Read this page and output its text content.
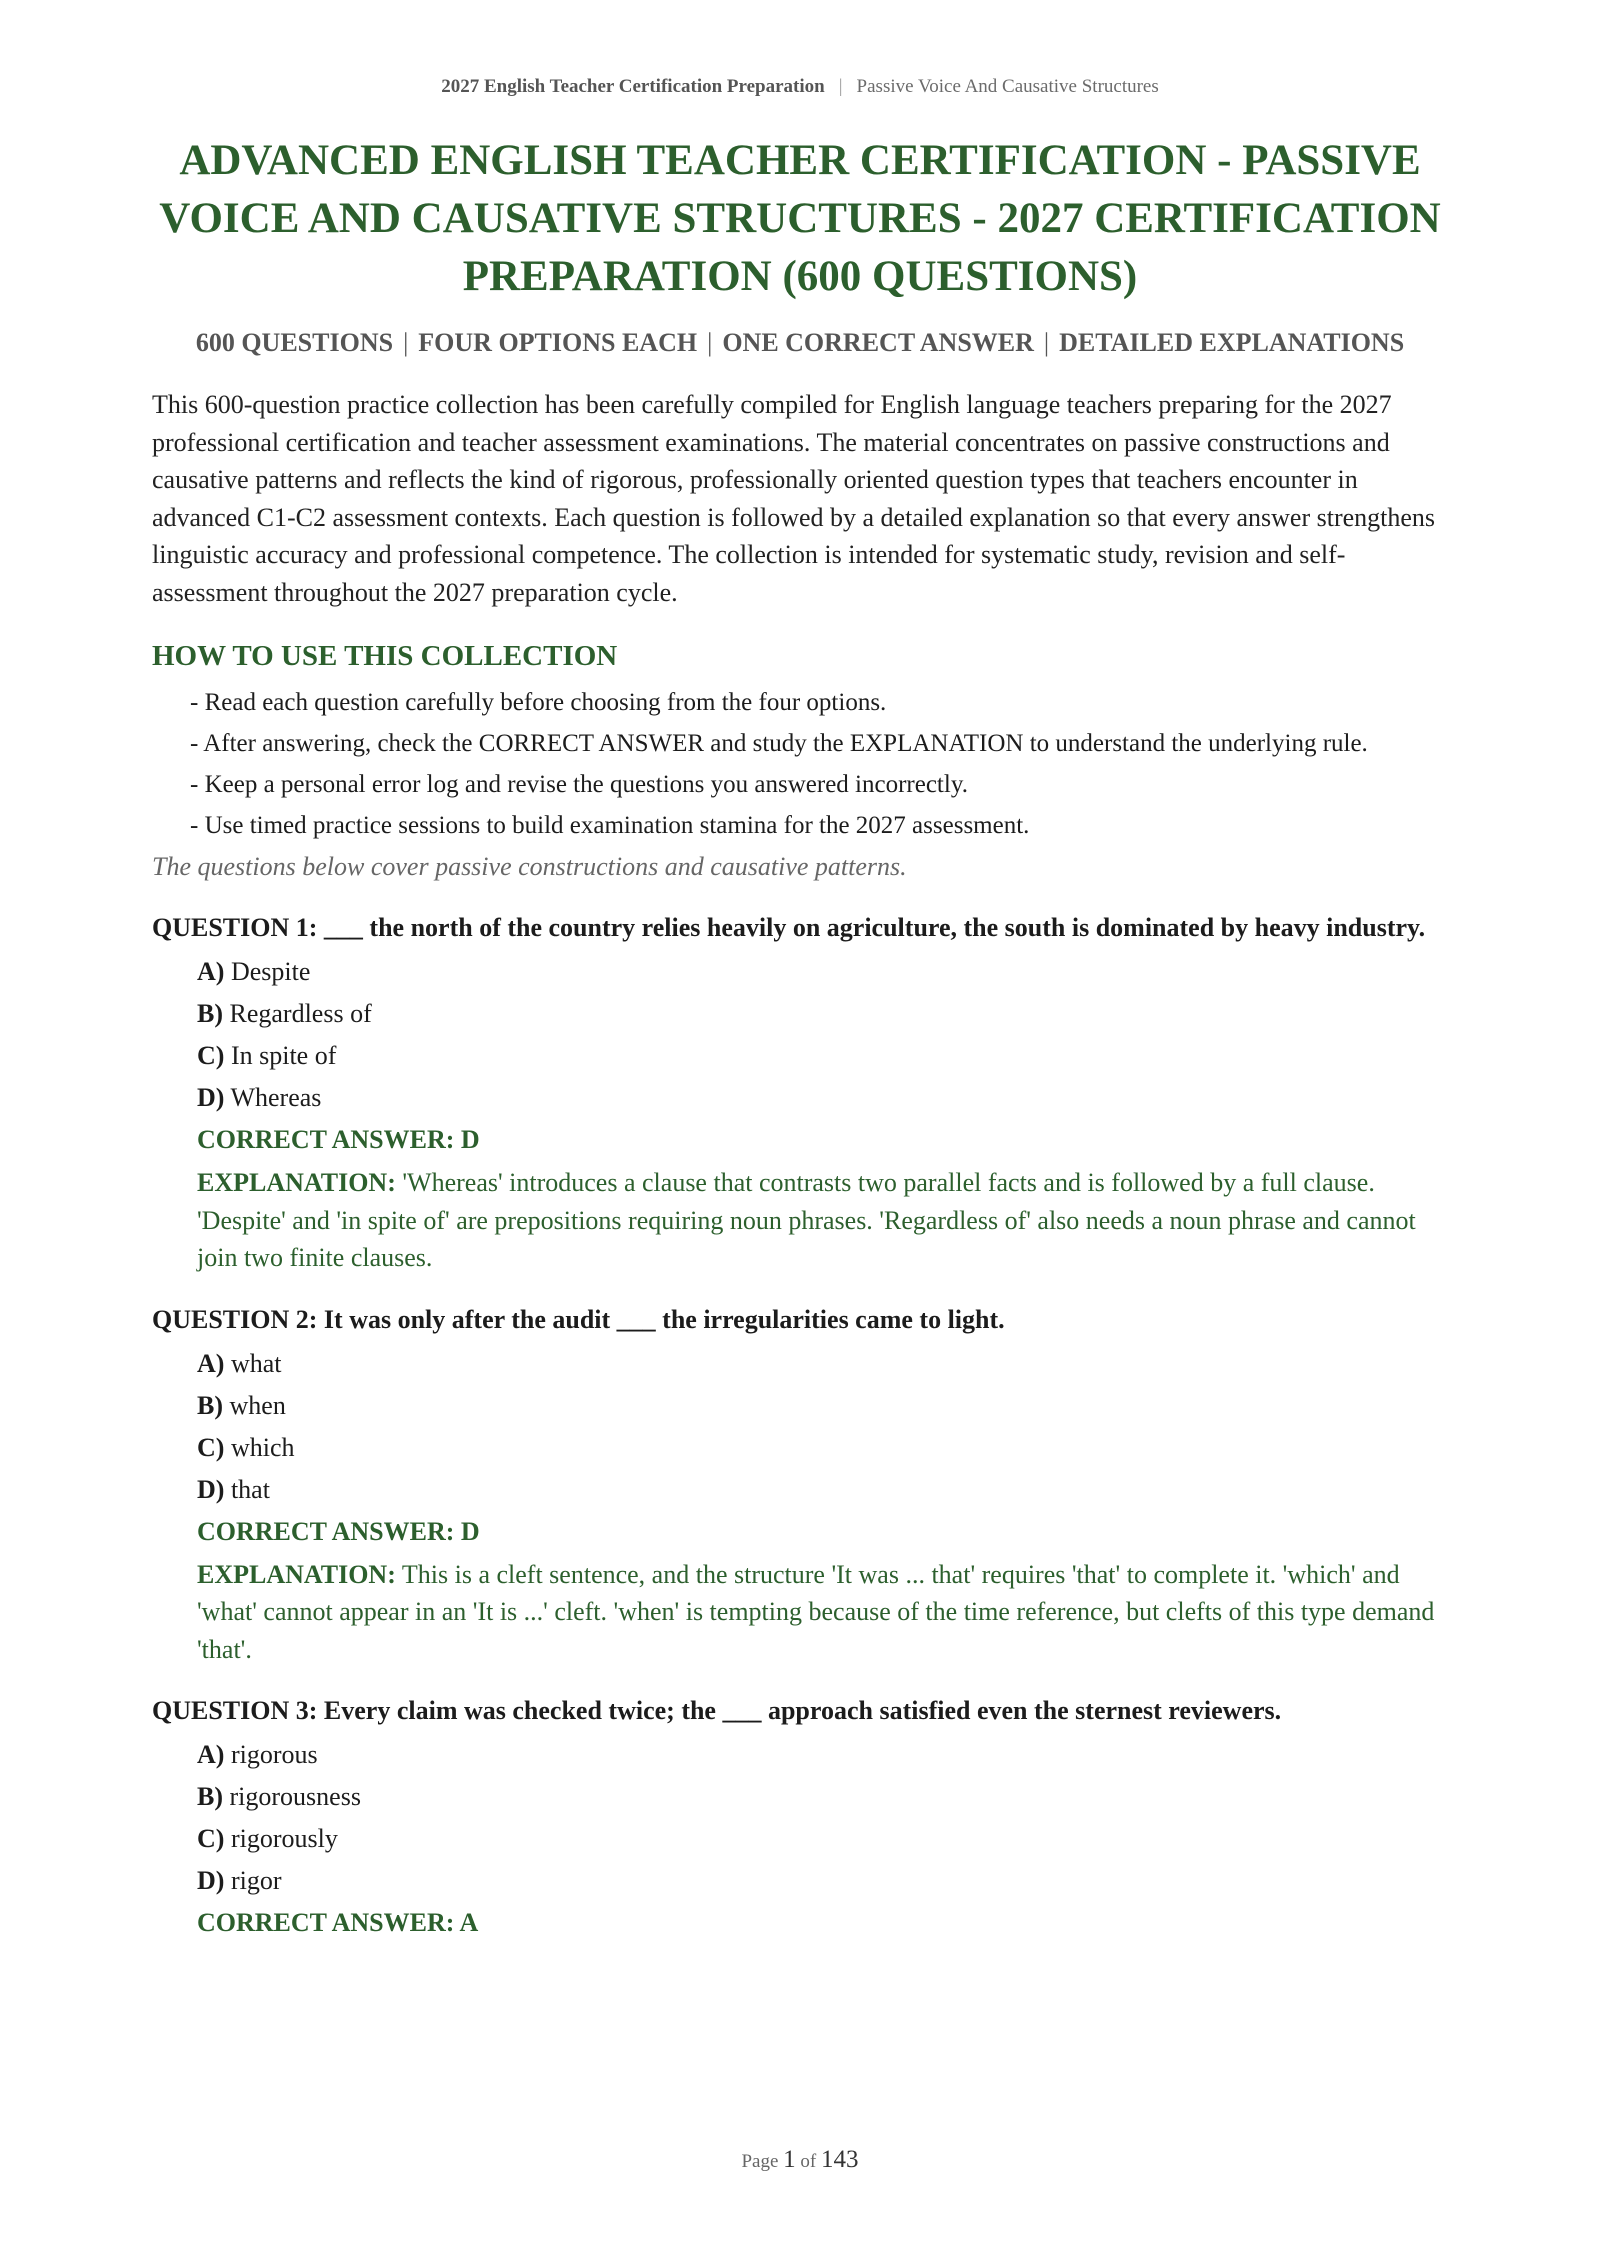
2027 English Teacher Certification Preparation | Passive Voice And Causative Structures
ADVANCED ENGLISH TEACHER CERTIFICATION - PASSIVE VOICE AND CAUSATIVE STRUCTURES - 2027 CERTIFICATION PREPARATION (600 QUESTIONS)
600 QUESTIONS | FOUR OPTIONS EACH | ONE CORRECT ANSWER | DETAILED EXPLANATIONS

This 600-question practice collection has been carefully compiled for English language teachers preparing for the 2027 professional certification and teacher assessment examinations. The material concentrates on passive constructions and causative patterns and reflects the kind of rigorous, professionally oriented question types that teachers encounter in advanced C1-C2 assessment contexts. Each question is followed by a detailed explanation so that every answer strengthens linguistic accuracy and professional competence. The collection is intended for systematic study, revision and self-assessment throughout the 2027 preparation cycle.

HOW TO USE THIS COLLECTION
- Read each question carefully before choosing from the four options.
- After answering, check the CORRECT ANSWER and study the EXPLANATION to understand the underlying rule.
- Keep a personal error log and revise the questions you answered incorrectly.
- Use timed practice sessions to build examination stamina for the 2027 assessment.

The questions below cover passive constructions and causative patterns.

QUESTION 1: ___ the north of the country relies heavily on agriculture, the south is dominated by heavy industry.
A) Despite
B) Regardless of
C) In spite of
D) Whereas
CORRECT ANSWER: D
EXPLANATION: 'Whereas' introduces a clause that contrasts two parallel facts and is followed by a full clause. 'Despite' and 'in spite of' are prepositions requiring noun phrases. 'Regardless of' also needs a noun phrase and cannot join two finite clauses.
QUESTION 2: It was only after the audit ___ the irregularities came to light.
A) what
B) when
C) which
D) that
CORRECT ANSWER: D
EXPLANATION: This is a cleft sentence, and the structure 'It was ... that' requires 'that' to complete it. 'which' and 'what' cannot appear in an 'It is ...' cleft. 'when' is tempting because of the time reference, but clefts of this type demand 'that'.
QUESTION 3: Every claim was checked twice; the ___ approach satisfied even the sternest reviewers.
A) rigorous
B) rigorousness
C) rigorously
D) rigor
CORRECT ANSWER: A
Page 1 of 143
